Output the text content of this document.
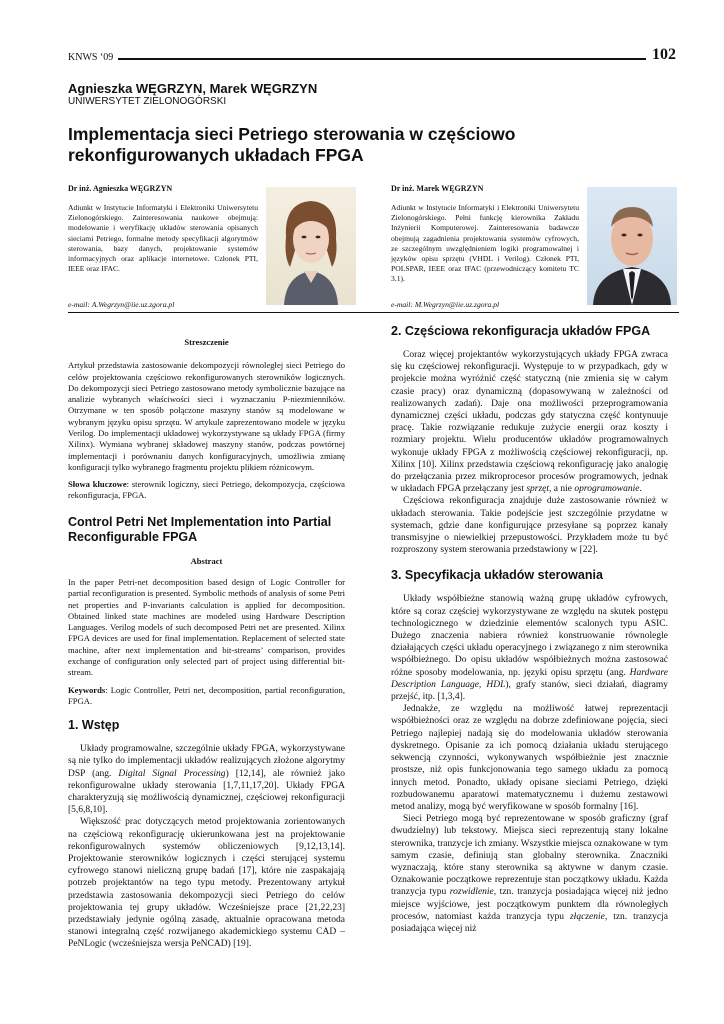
KNWS ‘09	102
Agnieszka WĘGRZYN, Marek WĘGRZYN
UNIWERSYTET ZIELONOGÓRSKI
Implementacja sieci Petriego sterowania w częściowo
rekonfigurowanych układach FPGA
Dr inż. Agnieszka WĘGRZYN
Adiunkt w Instytucie Informatyki i Elektroniki Uniwersytetu Zielonogórskiego. Zainteresowania naukowe obejmują: modelowanie i weryfikację układów sterowania opisanych sieciami Petriego, formalne metody specyfikacji algorytmów sterowania, bazy danych, projektowanie systemów informacyjnych oraz aplikacje internetowe. Członek PTI, IEEE oraz IFAC.
e-mail: A.Wegrzyn@iie.uz.zgora.pl
Dr inż. Marek WĘGRZYN
Adiunkt w Instytucie Informatyki i Elektroniki Uniwersytetu Zielonogórskiego. Pełni funkcję kierownika Zakładu Inżynierii Komputerowej. Zainteresowania badawcze obejmują zagadnienia projektowania systemów cyfrowych, ze szczególnym uwzględnieniem logiki programowalnej i języków opisu sprzętu (VHDL i Verilog). Członek PTI, POLSPAR, IEEE oraz IFAC (przewodniczący komitetu TC 3.1).
e-mail: M.Wegrzyn@iie.uz.zgora.pl

Streszczenie

Artykuł przedstawia zastosowanie dekompozycji równoległej sieci Petriego do celów projektowania częściowo rekonfigurowanych sterowników logicznych. Do dekompozycji sieci Petriego zastosowano metody symbolicznie bazujące na analizie wybranych właściwości sieci i wyznaczaniu P-niezmienników. Otrzymane w ten sposób połączone maszyny stanów są modelowane w wybranym języku opisu sprzętu. W artykule zaprezentowano modele w języku Verilog. Do implementacji układowej wykorzystywane są układy FPGA (firmy Xilinx). Wymiana wybranej składowej maszyny stanów, podczas powtórnej implementacji i porównaniu danych konfiguracyjnych, umożliwia zmianę konfiguracji tylko wybranego fragmentu projektu plikiem różnicowym.

Słowa kluczowe: sterownik logiczny, sieci Petriego, dekompozycja, częściowa rekonfiguracja, FPGA.

Control Petri Net Implementation into Partial Reconfigurable FPGA

Abstract

In the paper Petri-net decomposition based design of Logic Controller for partial reconfiguration is presented. Symbolic methods of analysis of some Petri net properties and P-invariants calculation is applied for decomposition. Obtained linked state machines are modeled using Hardware Description Languages. Verilog models of such decomposed Petri net are presented. Xilinx FPGA devices are used for final implementation. Replacement of selected state machine, after next implementation and bit-streams’ comparison, provides exchange of configuration only selected part of project using differential bit-stream.

Keywords: Logic Controller, Petri net, decomposition, partial reconfiguration, FPGA.

1. Wstęp

Układy programowalne, szczególnie układy FPGA, wykorzystywane są nie tylko do implementacji układów realizujących złożone algorytmy DSP (ang. Digital Signal Processing) [12,14], ale również jako rekonfigurowalne układy sterowania [1,7,11,17,20]. Układy FPGA charakteryzują się możliwością dynamicznej, częściowej rekonfiguracji [5,6,8,10].

Większość prac dotyczących metod projektowania zorientowanych na częściową rekonfigurację ukierunkowana jest na projektowanie rekonfigurowalnych systemów obliczeniowych [9,12,13,14]. Projektowanie sterowników logicznych i części sterującej systemu cyfrowego stanowi nieliczną grupę badań [17], które nie zaspakajają potrzeb projektantów na tego typu metody. Prezentowany artykuł przedstawia zastosowania dekompozycji sieci Petriego do celów projektowania tej grupy układów. Wcześniejsze prace [21,22,23] przedstawiały jedynie ogólną zasadę, aktualnie opracowana metoda stanowi integralną część rozwijanego akademickiego systemu CAD – PeNLogic (wcześniejsza wersja PeNCAD) [19].

2. Częściowa rekonfiguracja układów FPGA

Coraz więcej projektantów wykorzystujących układy FPGA zwraca się ku częściowej rekonfiguracji. Występuje to w przypadkach, gdy w projekcie można wyróżnić część statyczną (nie zmienia się w całym czasie pracy) oraz dynamiczną (dopasowywaną w zależności od realizowanych zadań). Daje ona możliwości przeprogramowania dynamicznej części układu, podczas gdy statyczna część kontynuuje pracę. Takie rozwiązanie redukuje zużycie energii oraz koszty i rozmiary projektu. Wielu producentów układów programowalnych wykonuje układy FPGA z możliwością częściowej rekonfiguracji, np. Xilinx [10]. Xilinx przedstawia częściową rekonfigurację jako analogię do przełączania przez mikroprocesor procesów programowych, jednak w układach FPGA przełączany jest sprzęt, a nie oprogramowanie.

Częściowa rekonfiguracja znajduje duże zastosowanie również w układach sterowania. Takie podejście jest szczególnie przydatne w systemach, gdzie dane konfigurujące przesyłane są poprzez kanały transmisyjne o niewielkiej przepustowości. Przykładem może tu być rozproszony system sterowania przedstawiony w [22].

3. Specyfikacja układów sterowania

Układy współbieżne stanowią ważną grupę układów cyfrowych, które są coraz częściej wykorzystywane ze względu na skutek postępu technologicznego w dziedzinie elementów scalonych typu ASIC. Dużego znaczenia nabiera również konstruowanie równolegle działających części układu operacyjnego i związanego z nim sterownika współbieżnego. Do opisu układów współbieżnych można zastosować różne sposoby modelowania, np. języki opisu sprzętu (ang. Hardware Description Language, HDL), grafy stanów, sieci działań, diagramy przejść, itp. [1,3,4].

Jednakże, ze względu na możliwość łatwej reprezentacji współbieżności oraz ze względu na dobrze zdefiniowane pojęcia, sieci Petriego najlepiej nadają się do modelowania układów sterowania dyskretnego. Opisanie za ich pomocą działania układu sterującego sekwencją czynności, wykonywanych współbieżnie jest znacznie prostsze, niż opis funkcjonowania tego samego układu za pomocą innych metod. Ponadto, układy opisane sieciami Petriego, dzięki rozbudowanemu aparatowi matematycznemu i dużemu zestawowi metod analizy, mogą być weryfikowane w sposób formalny [16].

Sieci Petriego mogą być reprezentowane w sposób graficzny (graf dwudzielny) lub tekstowy. Miejsca sieci reprezentują stany lokalne sterownika, tranzycje ich zmiany. Wszystkie miejsca oznakowane w tym samym czasie, definiują stan globalny sterownika. Znaczniki wyznaczają, które stany sterownika są aktywne w danym czasie. Oznakowanie początkowe reprezentuje stan początkowy układu. Każda tranzycja typu rozwidlenie, tzn. tranzycja posiadająca więcej niż jedno miejsce wyjściowe, jest początkowym punktem dla równoległych procesów, natomiast każda tranzycja typu złączenie, tzn. tranzycja posiadająca więcej niż
